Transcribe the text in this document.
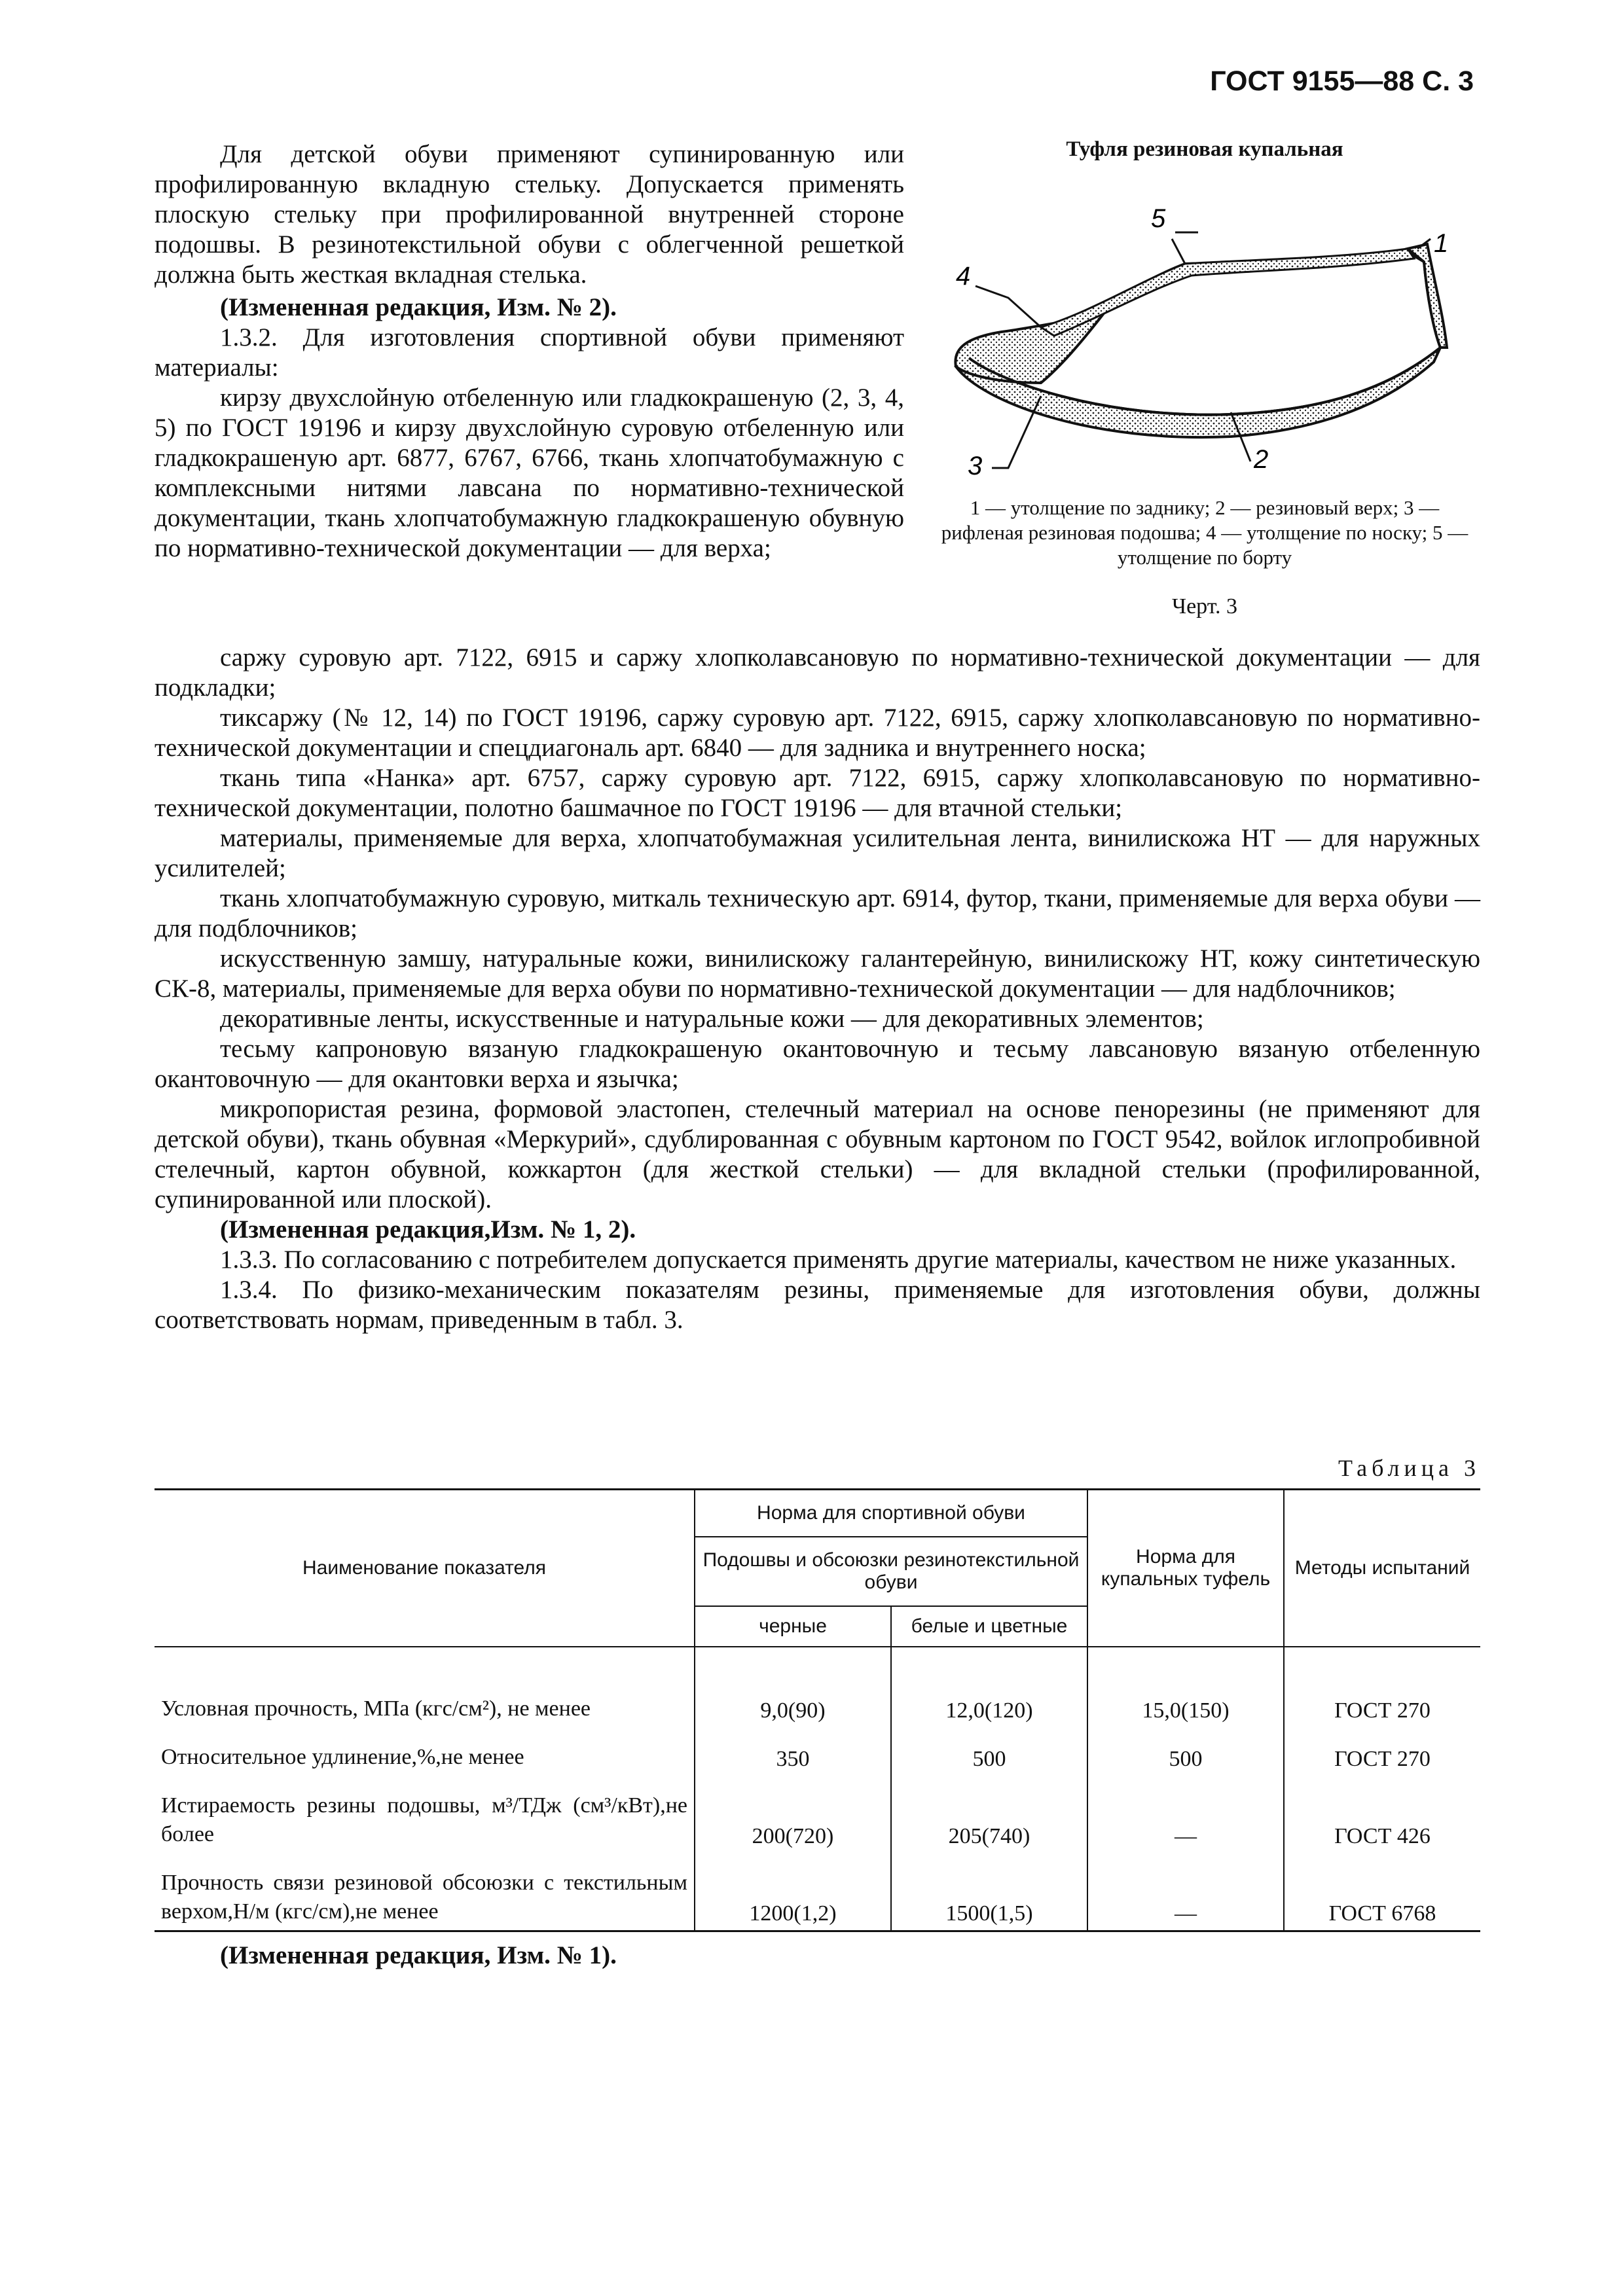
ГОСТ 9155—88 С. 3
Для детской обуви применяют супинированную или профилированную вкладную стельку. Допускается применять плоскую стельку при профилированной внутренней стороне подошвы. В резинотекстильной обуви с облегченной решеткой должна быть жесткая вкладная стелька.
(Измененная редакция, Изм. № 2).
1.3.2. Для изготовления спортивной обуви применяют материалы:
кирзу двухслойную отбеленную или гладкокрашеную (2, 3, 4, 5) по ГОСТ 19196 и кирзу двухслойную суровую отбеленную или гладкокрашеную арт. 6877, 6767, 6766, ткань хлопчатобумажную с комплексными нитями лавсана по нормативно-технической документации, ткань хлопчатобумажную гладкокрашеную обувную по нормативно-технической документации — для верха;
Туфля резиновая купальная
5
4
1
3	2
1 — утолщение по заднику; 2 — резиновый верх; 3 — рифленая резиновая подошва; 4 — утолщение по носку; 5 — утолщение по борту
Черт. 3
саржу суровую арт. 7122, 6915 и саржу хлопколавсановую по нормативно-технической документации — для подкладки;
тиксаржу (№ 12, 14) по ГОСТ 19196, саржу суровую арт. 7122, 6915, саржу хлопколавсановую по нормативно-технической документации и спецдиагональ арт. 6840 — для задника и внутреннего носка;
ткань типа «Нанка» арт. 6757, саржу суровую арт. 7122, 6915, саржу хлопколавсановую по нормативно-технической документации, полотно башмачное по ГОСТ 19196 — для втачной стельки;
материалы, применяемые для верха, хлопчатобумажная усилительная лента, винилискожа НТ — для наружных усилителей;
ткань хлопчатобумажную суровую, миткаль техническую арт. 6914, футор, ткани, применяемые для верха обуви — для подблочников;
искусственную замшу, натуральные кожи, винилискожу галантерейную, винилискожу НТ, кожу синтетическую СК-8, материалы, применяемые для верха обуви по нормативно-технической документации — для надблочников;
декоративные ленты, искусственные и натуральные кожи — для декоративных элементов;
тесьму капроновую вязаную гладкокрашеную окантовочную и тесьму лавсановую вязаную отбеленную окантовочную — для окантовки верха и язычка;
микропористая резина, формовой эластопен, стелечный материал на основе пенорезины (не применяют для детской обуви), ткань обувная «Меркурий», сдублированная с обувным картоном по ГОСТ 9542, войлок иглопробивной стелечный, картон обувной, кожкартон (для жесткой стельки) — для вкладной стельки (профилированной, супинированной или плоской).
(Измененная редакция,Изм. № 1, 2).
1.3.3. По согласованию с потребителем допускается применять другие материалы, качеством не ниже указанных.
1.3.4. По физико-механическим показателям резины, применяемые для изготовления обуви, должны соответствовать нормам, приведенным в табл. 3.
Таблица 3
Наименование показателя	Норма для спортивной обуви		Норма для купальных туфель	Методы испытаний
	Подошвы и обсоюзки резинотекстильной обуви			
	черные	белые и цветные		
Условная прочность, МПа (кгс/см²), не менее	9,0(90)	12,0(120)	15,0(150)	ГОСТ 270
Относительное удлинение,%,не менее	350	500	500	ГОСТ 270
Истираемость резины подошвы, м³/ТДж (см³/кВт),не более	200(720)	205(740)	—	ГОСТ 426
Прочность связи резиновой обсоюзки с текстильным верхом,Н/м (кгс/см),не менее	1200(1,2)	1500(1,5)	—	ГОСТ 6768
(Измененная редакция, Изм. № 1).
